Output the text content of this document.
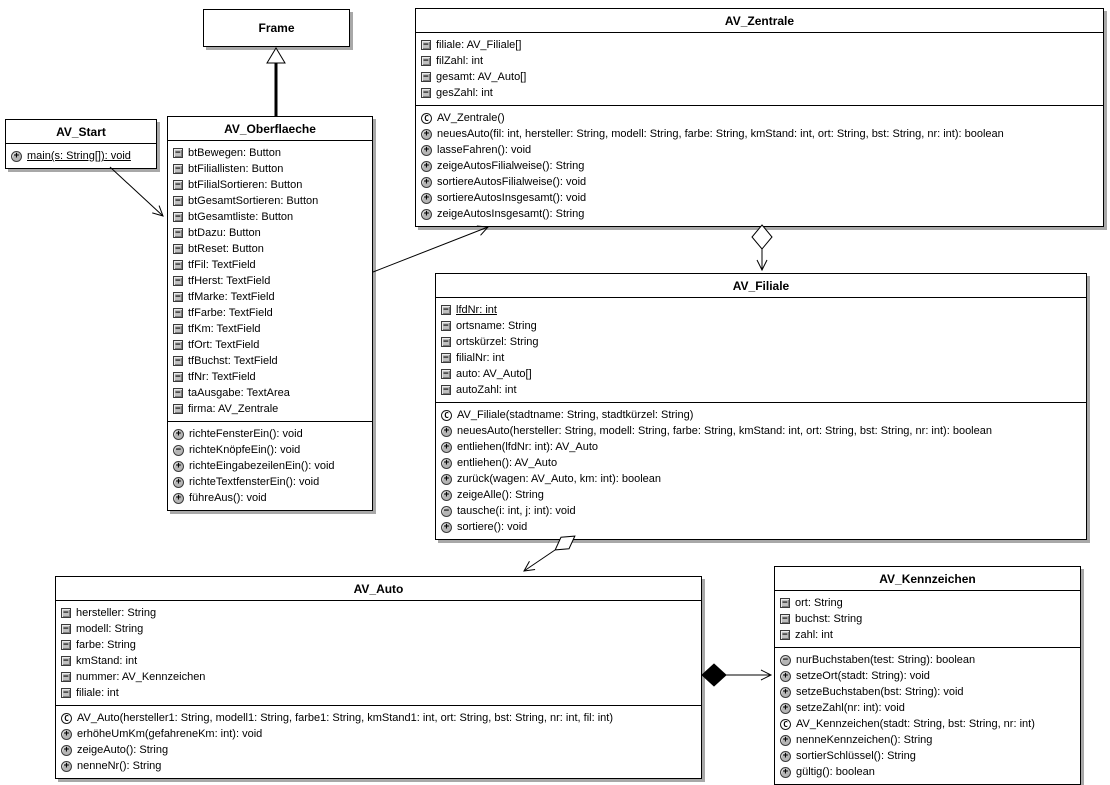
Frame
AV_Start
+ main(s: String[]): void
AV_Oberflaeche
− btBewegen: Button
− btFiliallisten: Button
− btFilialSortieren: Button
− btGesamtSortieren: Button
− btGesamtliste: Button
− btDazu: Button
− btReset: Button
− tfFil: TextField
− tfHerst: TextField
− tfMarke: TextField
− tfFarbe: TextField
− tfKm: TextField
− tfOrt: TextField
− tfBuchst: TextField
− tfNr: TextField
− taAusgabe: TextArea
− firma: AV_Zentrale
+ richteFensterEin(): void
− richteKnöpfeEin(): void
+ richteEingabezeilenEin(): void
+ richteTextfensterEin(): void
+ führeAus(): void
AV_Zentrale
− filiale: AV_Filiale[]
− filZahl: int
− gesamt: AV_Auto[]
− gesZahl: int
C AV_Zentrale()
+ neuesAuto(fil: int, hersteller: String, modell: String, farbe: String, kmStand: int, ort: String, bst: String, nr: int): boolean
+ lasseFahren(): void
+ zeigeAutosFilialweise(): String
+ sortiereAutosFilialweise(): void
+ sortiereAutosInsgesamt(): void
+ zeigeAutosInsgesamt(): String
AV_Filiale
− lfdNr: int
− ortsname: String
− ortskürzel: String
− filialNr: int
− auto: AV_Auto[]
− autoZahl: int
C AV_Filiale(stadtname: String, stadtkürzel: String)
+ neuesAuto(hersteller: String, modell: String, farbe: String, kmStand: int, ort: String, bst: String, nr: int): boolean
+ entliehen(lfdNr: int): AV_Auto
+ entliehen(): AV_Auto
+ zurück(wagen: AV_Auto, km: int): boolean
+ zeigeAlle(): String
− tausche(i: int, j: int): void
+ sortiere(): void
AV_Auto
− hersteller: String
− modell: String
− farbe: String
− kmStand: int
− nummer: AV_Kennzeichen
− filiale: int
C AV_Auto(hersteller1: String, modell1: String, farbe1: String, kmStand1: int, ort: String, bst: String, nr: int, fil: int)
+ erhöheUmKm(gefahreneKm: int): void
+ zeigeAuto(): String
+ nenneNr(): String
AV_Kennzeichen
− ort: String
− buchst: String
− zahl: int
− nurBuchstaben(test: String): boolean
+ setzeOrt(stadt: String): void
+ setzeBuchstaben(bst: String): void
+ setzeZahl(nr: int): void
C AV_Kennzeichen(stadt: String, bst: String, nr: int)
+ nenneKennzeichen(): String
+ sortierSchlüssel(): String
+ gültig(): boolean
